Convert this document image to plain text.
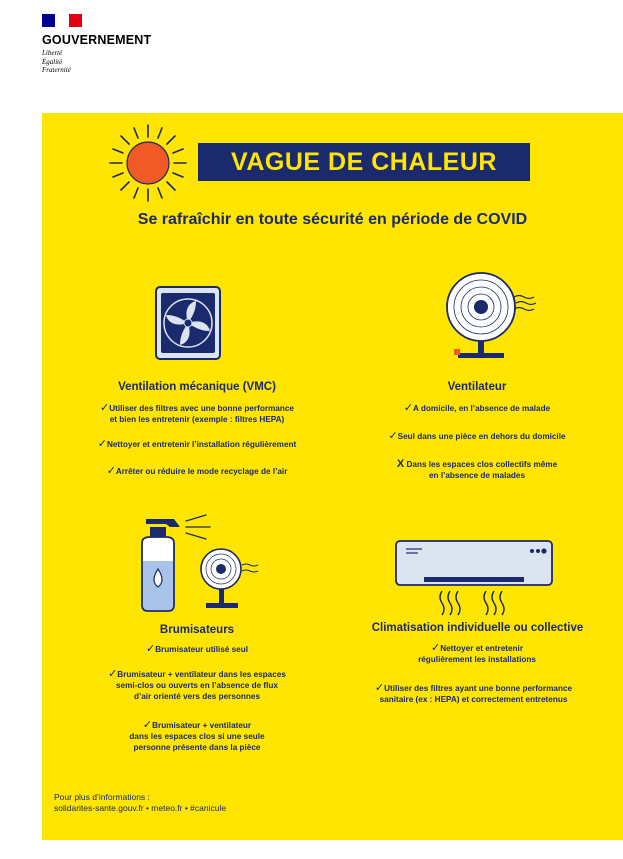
GOUVERNEMENT
Liberté
Égalité
Fraternité
VAGUE DE CHALEUR
Se rafraîchir en toute sécurité en période de COVID
Ventilation mécanique (VMC)
✓Utiliser des filtres avec une bonne performance
et bien les entretenir (exemple : filtres HEPA)
✓Nettoyer et entretenir l’installation régulièrement
✓Arrêter ou réduire le mode recyclage de l’air
Ventilateur
✓A domicile, en l’absence de malade
✓Seul dans une pièce en dehors du domicile
X Dans les espaces clos collectifs même
en l’absence de malades
Brumisateurs
✓Brumisateur utilisé seul
✓Brumisateur + ventilateur dans les espaces
semi-clos ou ouverts en l’absence de flux
d’air orienté vers des personnes
✓Brumisateur + ventilateur
dans les espaces clos si une seule
personne présente dans la pièce
Climatisation individuelle ou collective
✓Nettoyer et entretenir
régulièrement les installations
✓Utiliser des filtres ayant une bonne performance
sanitaire (ex : HEPA) et correctement entretenus
Pour plus d’informations :
solidarites-sante.gouv.fr • meteo.fr • #canicule
